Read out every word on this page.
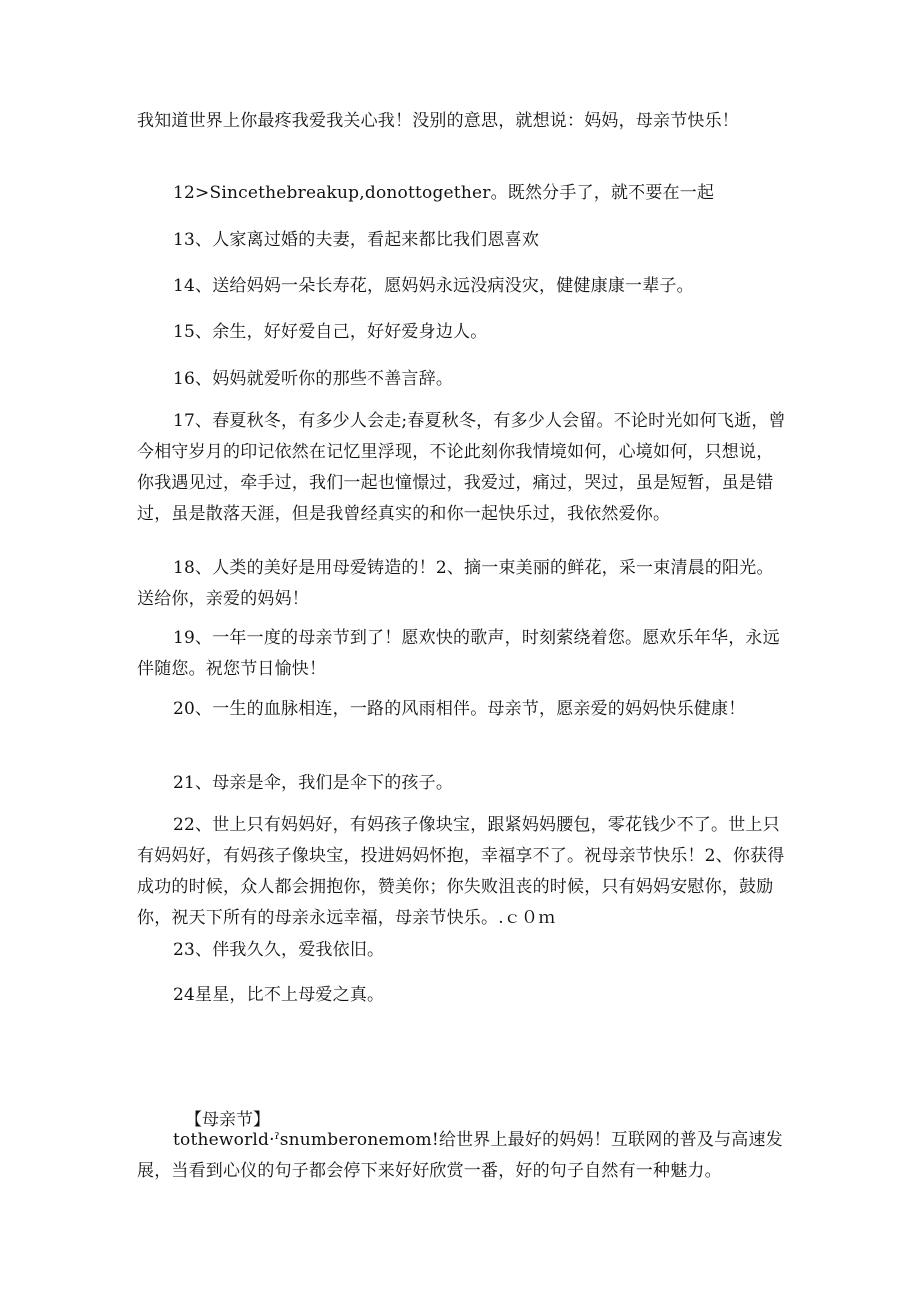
我知道世界上你最疼我爱我关心我！没别的意思，就想说：妈妈，母亲节快乐！
12>Sincethebreakup,donottogether。既然分手了，就不要在一起
13、人家离过婚的夫妻，看起来都比我们恩喜欢
14、送给妈妈一朵长寿花，愿妈妈永远没病没灾，健健康康一辈子。
15、余生，好好爱自己，好好爱身边人。
16、妈妈就爱听你的那些不善言辞。
17、春夏秋冬，有多少人会走;春夏秋冬，有多少人会留。不论时光如何飞逝，曾今相守岁月的印记依然在记忆里浮现，不论此刻你我情境如何，心境如何，只想说，你我遇见过，牵手过，我们一起也憧憬过，我爱过，痛过，哭过，虽是短暂，虽是错过，虽是散落天涯，但是我曾经真实的和你一起快乐过，我依然爱你。
18、人类的美好是用母爱铸造的！2、摘一束美丽的鲜花，采一束清晨的阳光。送给你，亲爱的妈妈！
19、一年一度的母亲节到了！愿欢快的歌声，时刻萦绕着您。愿欢乐年华，永远伴随您。祝您节日愉快！
20、一生的血脉相连，一路的风雨相伴。母亲节，愿亲爱的妈妈快乐健康！
21、母亲是伞，我们是伞下的孩子。
22、世上只有妈妈好，有妈孩子像块宝，跟紧妈妈腰包，零花钱少不了。世上只有妈妈好，有妈孩子像块宝，投进妈妈怀抱，幸福享不了。祝母亲节快乐！2、你获得成功的时候，众人都会拥抱你，赞美你；你失败沮丧的时候，只有妈妈安慰你，鼓励你，祝天下所有的母亲永远幸福，母亲节快乐。.ｃ０ｍ
23、伴我久久，爱我依旧。
24星星，比不上母爱之真。
【母亲节】
totheworld·ˀsnumberonemom!给世界上最好的妈妈！互联网的普及与高速发展，当看到心仪的句子都会停下来好好欣赏一番，好的句子自然有一种魅力。
